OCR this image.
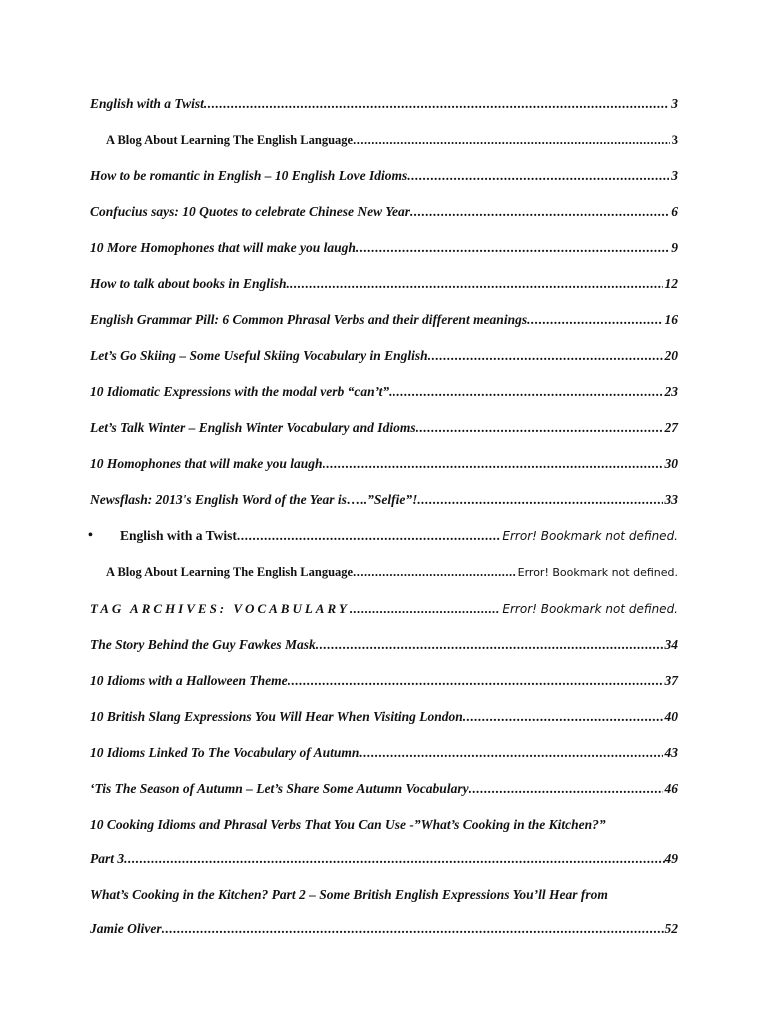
English with a Twist .....	3
A Blog About Learning The English Language .....	3
How to be romantic in English – 10 English Love Idioms .....	3
Confucius says: 10 Quotes to celebrate Chinese New Year .....	6
10 More Homophones that will make you laugh .....	9
How to talk about books in English. .....	12
English Grammar Pill: 6 Common Phrasal Verbs and their different meanings .....	16
Let’s Go Skiing – Some Useful Skiing Vocabulary in English .....	20
10 Idiomatic Expressions with the modal verb “can’t”. .....	23
Let’s Talk Winter – English Winter Vocabulary and Idioms .....	27
10 Homophones that will make you laugh .....	30
Newsflash: 2013's English Word of the Year is…..”Selfie”! .....	33
•	English with a Twist .....	Error! Bookmark not defined.
A Blog About Learning The English Language .....	Error! Bookmark not defined.
TAG ARCHIVES: VOCABULARY .....	Error! Bookmark not defined.
The Story Behind the Guy Fawkes Mask .....	34
10 Idioms with a Halloween Theme .....	37
10 British Slang Expressions You Will Hear When Visiting London .....	40
10 Idioms Linked To The Vocabulary of Autumn .....	43
‘Tis The Season of Autumn – Let’s Share Some Autumn Vocabulary .....	46
10 Cooking Idioms and Phrasal Verbs That You Can Use -”What’s Cooking in the Kitchen?”
Part 3 .....	49
What’s Cooking in the Kitchen? Part 2 – Some British English Expressions You’ll Hear from
Jamie Oliver .....	52
